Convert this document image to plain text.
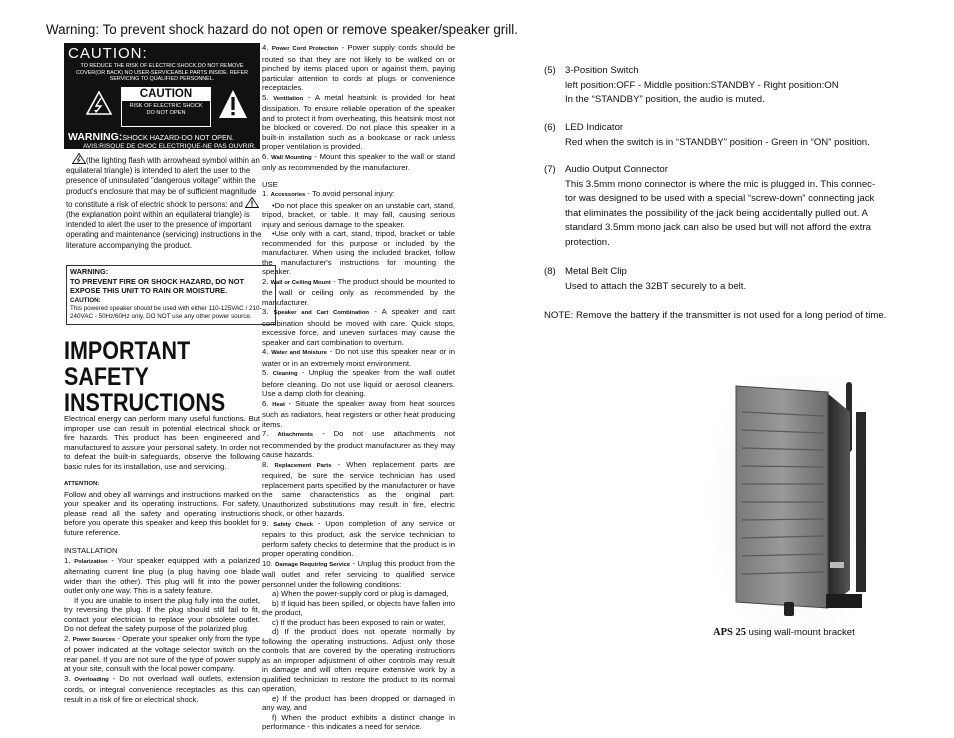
Warning: To prevent shock hazard do not open or remove speaker/speaker grill.
CAUTION:
TO REDUCE THE RISK OF ELECTRIC SHOCK,DO NOT REMOVE COVER(OR BACK) NO USER-SERVICEABLE PARTS INSIDE. REFER SERVICING TO QUALIFIED PERSONNEL.
CAUTION
RISK OF ELECTRIC SHOCK
DO NOT OPEN
WARNING:SHOCK HAZARD-DO NOT OPEN.
AVIS:RISQUE DE CHOC ELECTRIQUE-NE PAS OUVRIR.
(the lighting flash with arrowhead symbol within an equilateral triangle) is intended to alert the user to the presence of uninsulated "dangerous voltage" within the product's enclosure that may be of sufficient magnitude to constitute a risk of electric shock to persons: and (the explanation point within an equilateral triangle) is intended to alert the user to the presence of important operating and maintenance (servicing) instructions in the literature accompanying the product.
WARNING:
TO PREVENT FIRE OR SHOCK HAZARD, DO NOT EXPOSE THIS UNIT TO RAIN OR MOISTURE.
CAUTION:
This powered speaker should be used with either 110-125VAC / 210-240VAC - 50Hz/60Hz only. DO NOT use any other power source.
IMPORTANT
SAFETY
INSTRUCTIONS

Electrical energy can perform many useful functions. But improper use can result in potential electrical shock or fire hazards. This product has been engineered and manufactured to assure your personal safety. In order not to defeat the built-in safeguards, observe the following basic rules for its installation, use and servicing.

ATTENTION:

Follow and obey all warnings and instructions marked on your speaker and its operating instructions. For safety, please read all the safety and operating instructions before you operate this speaker and keep this booklet for future reference.

INSTALLATION

1. Polarization - Your speaker equipped with a polarized alternating current line plug (a plug having one blade wider than the other). This plug will fit into the power outlet only one way. This is a safety feature.

If you are unable to insert the plug fully into the outlet, try reversing the plug. If the plug should still fail to fit, contact your electrician to replace your obsolete outlet. Do not defeat the safety purpose of the polarized plug.

2. Power Sources - Operate your speaker only from the type of power indicated at the voltage selector switch on the rear panel. If you are not sure of the type of power supply at your site, consult with the local power company.

3. Overloading - Do not overload wall outlets, extension cords, or integral convenience receptacles as this can result in a risk of fire or electrical shock.

4. Power Cord Protection - Power supply cords should be routed so that they are not likely to be walked on or pinched by items placed upon or against them, paying particular attention to cords at plugs or convenience receptacles.

5. Ventilation - A metal heatsink is provided for heat dissipation. To ensure reliable operation of the speaker and to protect it from overheating, this heatsink most not be blocked or covered. Do not place this speaker in a built-in installation such as a bookcase or rack unless proper ventilation is provided.

6. Wall Mounting - Mount this speaker to the wall or stand only as recommended by the manufacturer.

USE

1. Accessories - To avoid personal injury:

•Do not place this speaker on an unstable cart, stand, tripod, bracket, or table. It may fall, causing serious injury and serious damage to the speaker.

•Use only with a cart, stand, tripod, bracket or table recommended for this purpose or included by the manufacturer. When using the included bracket, follow the manufacturer's instructions for mounting the speaker.

2. Wall or Ceiling Mount - The product should be mounted to the wall or ceiling only as recommended by the manufacturer.

3. Speaker and Cart Combination - A speaker and cart combination should be moved with care. Quick stops, excessive force, and uneven surfaces may cause the speaker and cart combination to overturn.

4. Water and Moisture - Do not use this speaker near or in water or in an extremely moist environment.

5. Cleaning - Unplug the speaker from the wall outlet before cleaning. Do not use liquid or aerosol cleaners. Use a damp cloth for cleaning.

6. Heat - Situate the speaker away from heat sources such as radiators, heat registers or other heat producing items.

7. Attachments - Do not use attachments not recommended by the product manufacturer as they may cause hazards.

8. Replacement Parts - When replacement parts are required, be sure the service technician has used replacement parts specified by the manufacturer or have the same characteristics as the original part. Unauthorized substitutions may result in fire, electric shock, or other hazards.

9. Safety Check - Upon completion of any service or repairs to this product, ask the service technician to perform safety checks to determine that the product is in proper operating condition.

10. Damage Requiring Service - Unplug this product from the wall outlet and refer servicing to qualified service personnel under the following conditions:

a) When the power-supply cord or plug is damaged,

b) If liquid has been spilled, or objects have fallen into the product,

c) If the product has been exposed to rain or water,

d) If the product does not operate normally by following the operating instructions. Adjust only those controls that are covered by the operating instructions as an improper adjustment of other controls may result in damage and will often require extensive work by a qualified technician to restore the product to its normal operation,

e) If the product has been dropped or damaged in any way, and

f) When the product exhibits a distinct change in performance - this indicates a need for service.

(5) 3-Position Switch
left position:OFF - Middle position:STANDBY - Right position:ON
In the “STANDBY” position, the audio is muted.
(6) LED Indicator
Red when the switch is in “STANDBY” position - Green in “ON” position.
(7) Audio Output Connector
This 3.5mm mono connector is where the mic is plugged in. This connec-
tor was designed to be used with a special “screw-down” connecting jack
that eliminates the possibility of the jack being accidentally pulled out. A
standard 3.5mm mono jack can also be used but will not afford the extra
protection.
(8) Metal Belt Clip
Used to attach the 32BT securely to a belt.
NOTE: Remove the battery if the transmitter is not used for a long period of time.
APS 25 using wall-mount bracket
